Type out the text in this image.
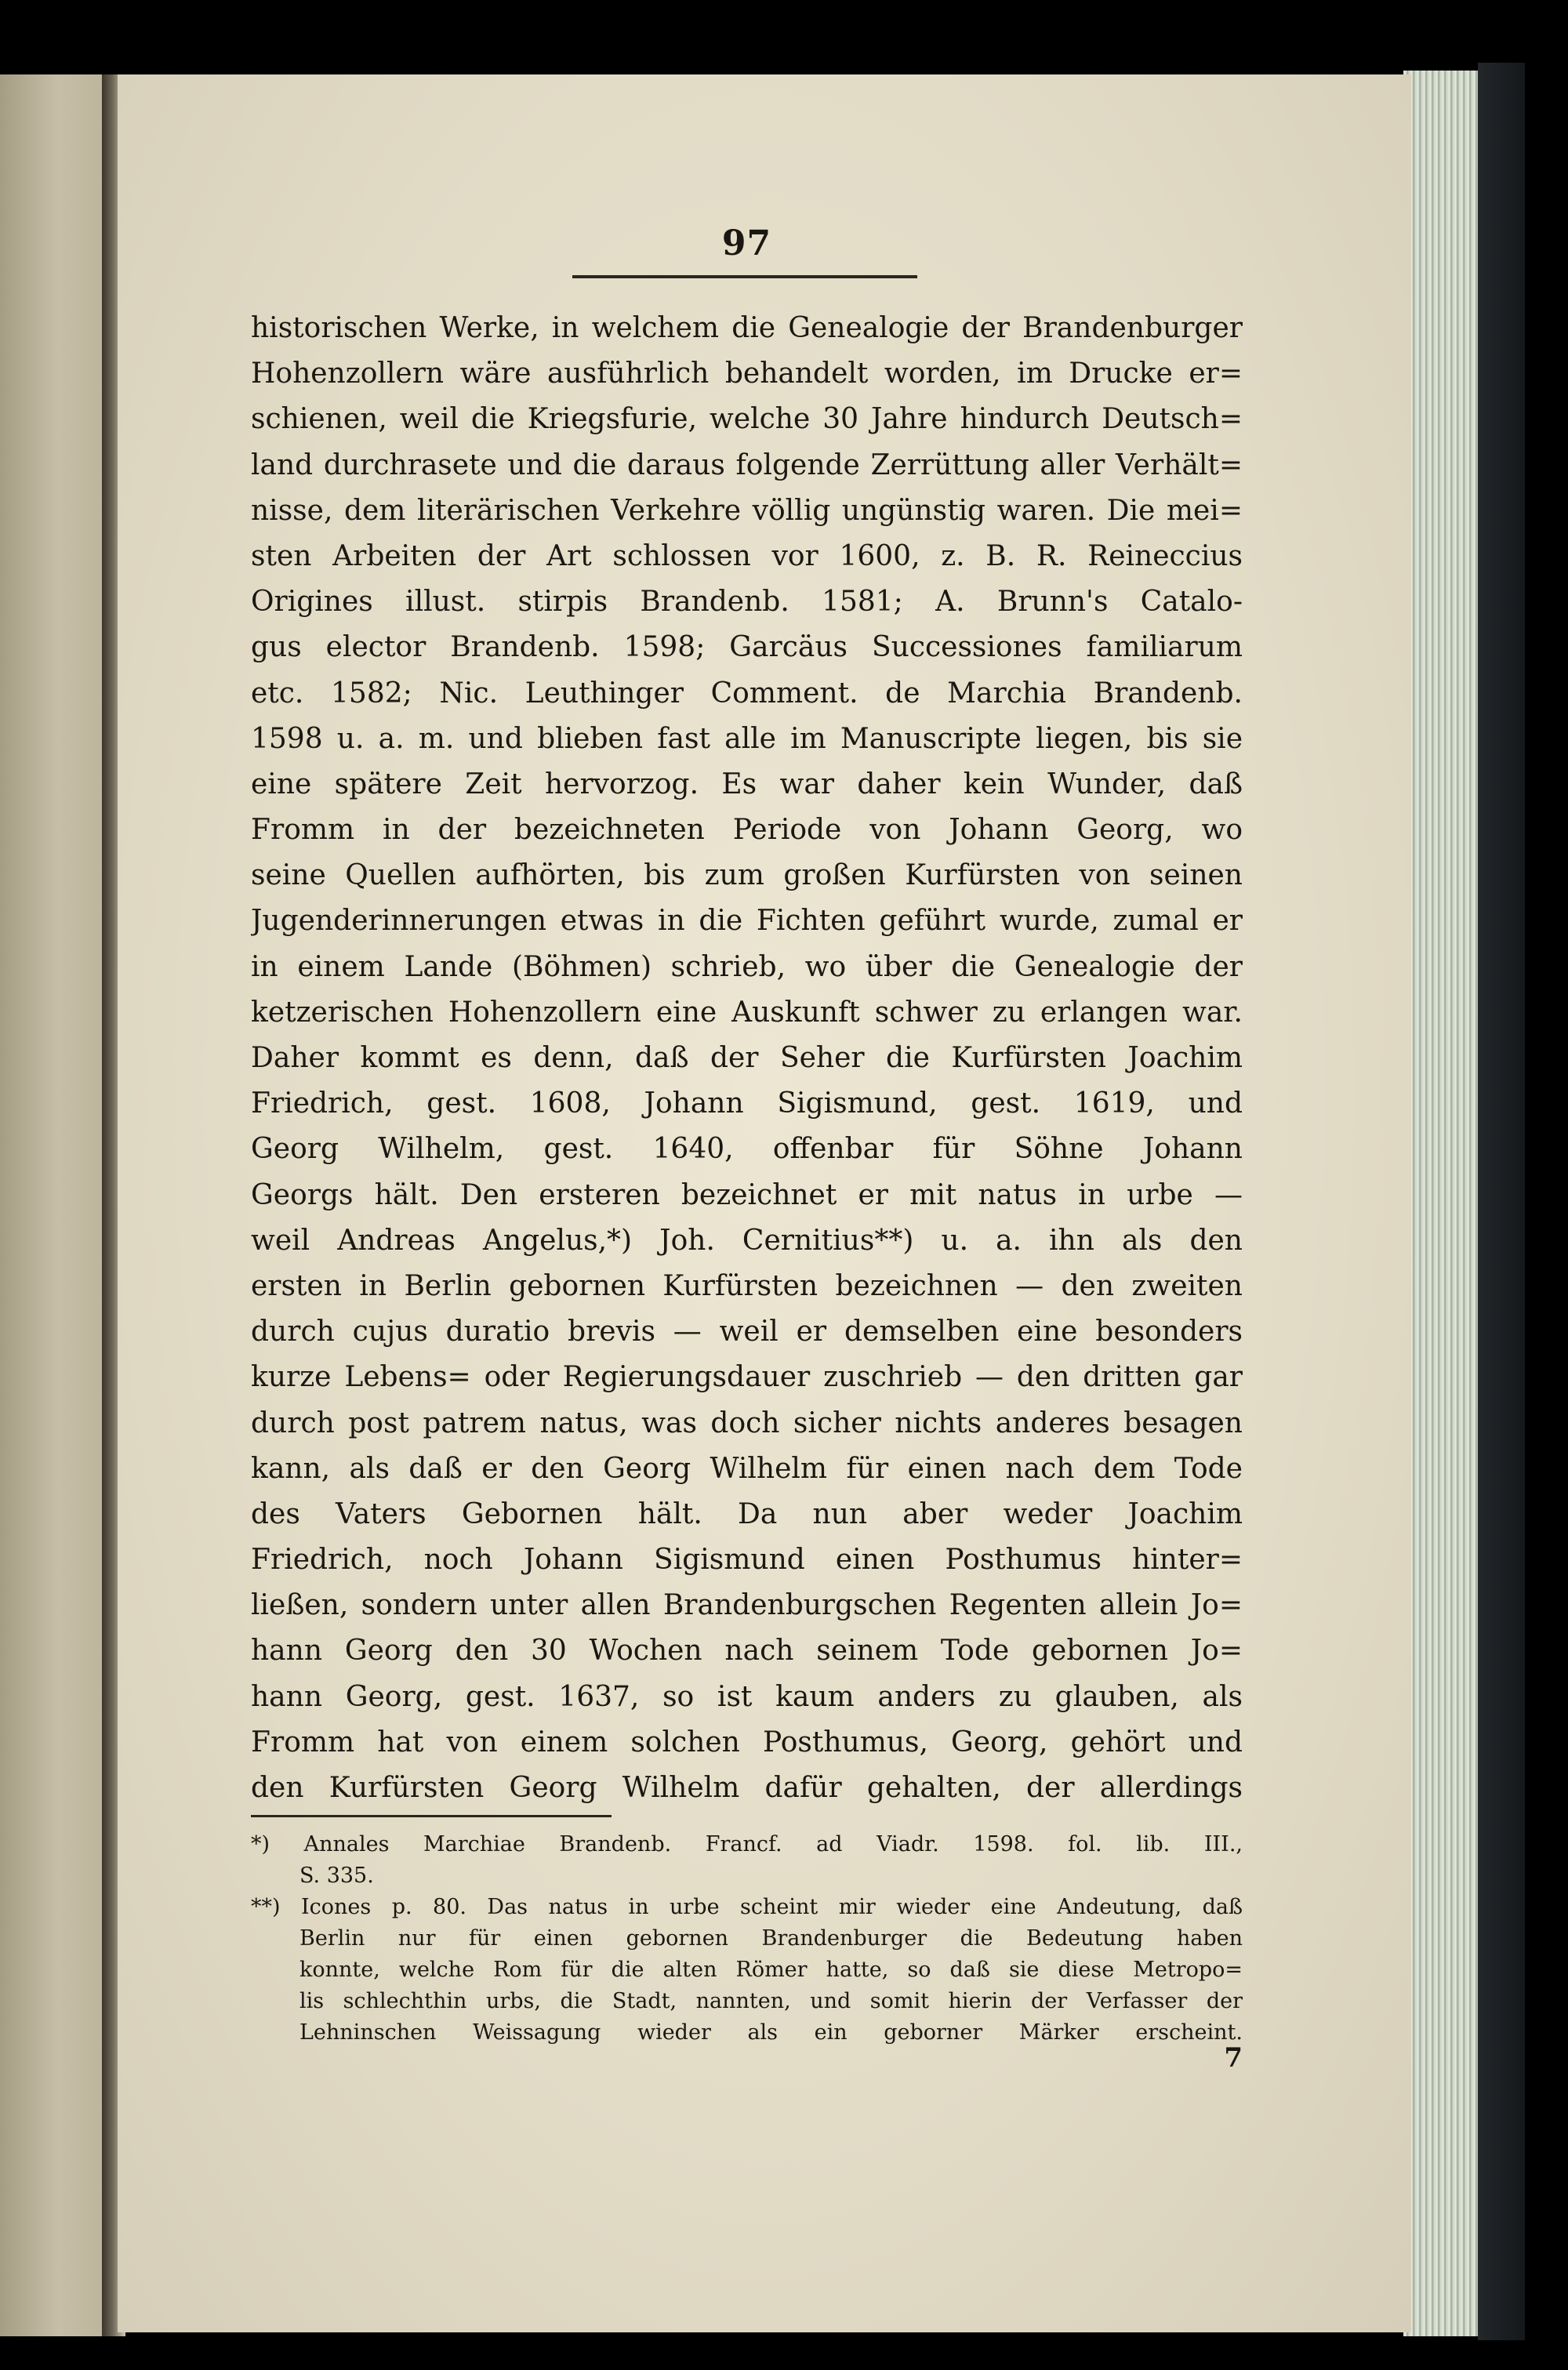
97
historischen Werke, in welchem die Genealogie der Brandenburger
Hohenzollern wäre ausführlich behandelt worden, im Drucke er=
schienen, weil die Kriegsfurie, welche 30 Jahre hindurch Deutsch=
land durchrasete und die daraus folgende Zerrüttung aller Verhält=
nisse, dem literärischen Verkehre völlig ungünstig waren. Die mei=
sten Arbeiten der Art schlossen vor 1600, z. B. R. Reineccius
Origines illust. stirpis Brandenb. 1581; A. Brunn's Catalo-
gus elector Brandenb. 1598; Garcäus Successiones familiarum
etc. 1582; Nic. Leuthinger Comment. de Marchia Brandenb.
1598 u. a. m. und blieben fast alle im Manuscripte liegen, bis sie
eine spätere Zeit hervorzog. Es war daher kein Wunder, daß
Fromm in der bezeichneten Periode von Johann Georg, wo
seine Quellen aufhörten, bis zum großen Kurfürsten von seinen
Jugenderinnerungen etwas in die Fichten geführt wurde, zumal er
in einem Lande (Böhmen) schrieb, wo über die Genealogie der
ketzerischen Hohenzollern eine Auskunft schwer zu erlangen war.
Daher kommt es denn, daß der Seher die Kurfürsten Joachim
Friedrich, gest. 1608, Johann Sigismund, gest. 1619, und
Georg Wilhelm, gest. 1640, offenbar für Söhne Johann
Georgs hält. Den ersteren bezeichnet er mit natus in urbe —
weil Andreas Angelus,*) Joh. Cernitius**) u. a. ihn als den
ersten in Berlin gebornen Kurfürsten bezeichnen — den zweiten
durch cujus duratio brevis — weil er demselben eine besonders
kurze Lebens= oder Regierungsdauer zuschrieb — den dritten gar
durch post patrem natus, was doch sicher nichts anderes besagen
kann, als daß er den Georg Wilhelm für einen nach dem Tode
des Vaters Gebornen hält. Da nun aber weder Joachim
Friedrich, noch Johann Sigismund einen Posthumus hinter=
ließen, sondern unter allen Brandenburgschen Regenten allein Jo=
hann Georg den 30 Wochen nach seinem Tode gebornen Jo=
hann Georg, gest. 1637, so ist kaum anders zu glauben, als
Fromm hat von einem solchen Posthumus, Georg, gehört und
den Kurfürsten Georg Wilhelm dafür gehalten, der allerdings
*) Annales Marchiae Brandenb. Francf. ad Viadr. 1598. fol. lib. III.,
S. 335.
**) Icones p. 80. Das natus in urbe scheint mir wieder eine Andeutung, daß
Berlin nur für einen gebornen Brandenburger die Bedeutung haben
konnte, welche Rom für die alten Römer hatte, so daß sie diese Metropo=
lis schlechthin urbs, die Stadt, nannten, und somit hierin der Verfasser der
Lehninschen Weissagung wieder als ein geborner Märker erscheint.
7
